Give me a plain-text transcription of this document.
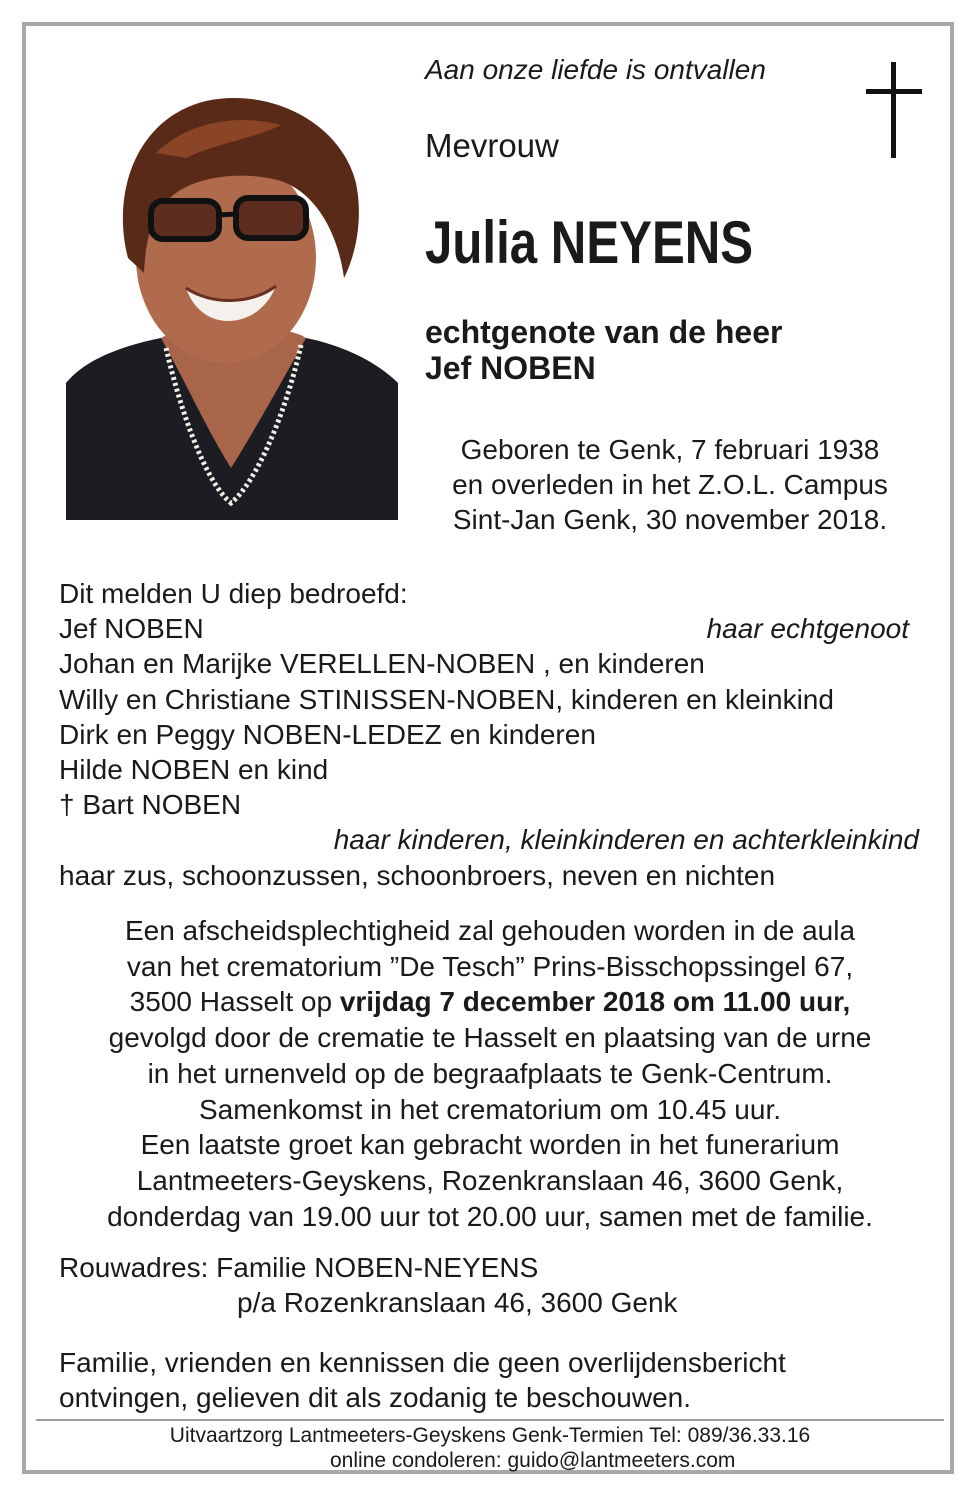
Aan onze liefde is ontvallen
Mevrouw
Julia NEYENS
echtgenote van de heer
Jef NOBEN
Geboren te Genk, 7 februari 1938
en overleden in het Z.O.L. Campus
Sint-Jan Genk, 30 november 2018.
Dit melden U diep bedroefd:
Jef NOBEN	haar echtgenoot
Johan en Marijke VERELLEN-NOBEN , en kinderen
Willy en Christiane STINISSEN-NOBEN, kinderen en kleinkind
Dirk en Peggy NOBEN-LEDEZ en kinderen
Hilde NOBEN en kind
† Bart NOBEN
haar kinderen, kleinkinderen en achterkleinkind
haar zus, schoonzussen, schoonbroers, neven en nichten
Een afscheidsplechtigheid zal gehouden worden in de aula
van het crematorium ”De Tesch” Prins-Bisschopssingel 67,
3500 Hasselt op vrijdag 7 december 2018 om 11.00 uur,
gevolgd door de crematie te Hasselt en plaatsing van de urne
in het urnenveld op de begraafplaats te Genk-Centrum.
Samenkomst in het crematorium om 10.45 uur.
Een laatste groet kan gebracht worden in het funerarium
Lantmeeters-Geyskens, Rozenkranslaan 46, 3600 Genk,
donderdag van 19.00 uur tot 20.00 uur, samen met de familie.
Rouwadres: Familie NOBEN-NEYENS
p/a Rozenkranslaan 46, 3600 Genk
Familie, vrienden en kennissen die geen overlijdensbericht
ontvingen, gelieven dit als zodanig te beschouwen.
Uitvaartzorg Lantmeeters-Geyskens Genk-Termien Tel: 089/36.33.16
online condoleren: guido@lantmeeters.com
